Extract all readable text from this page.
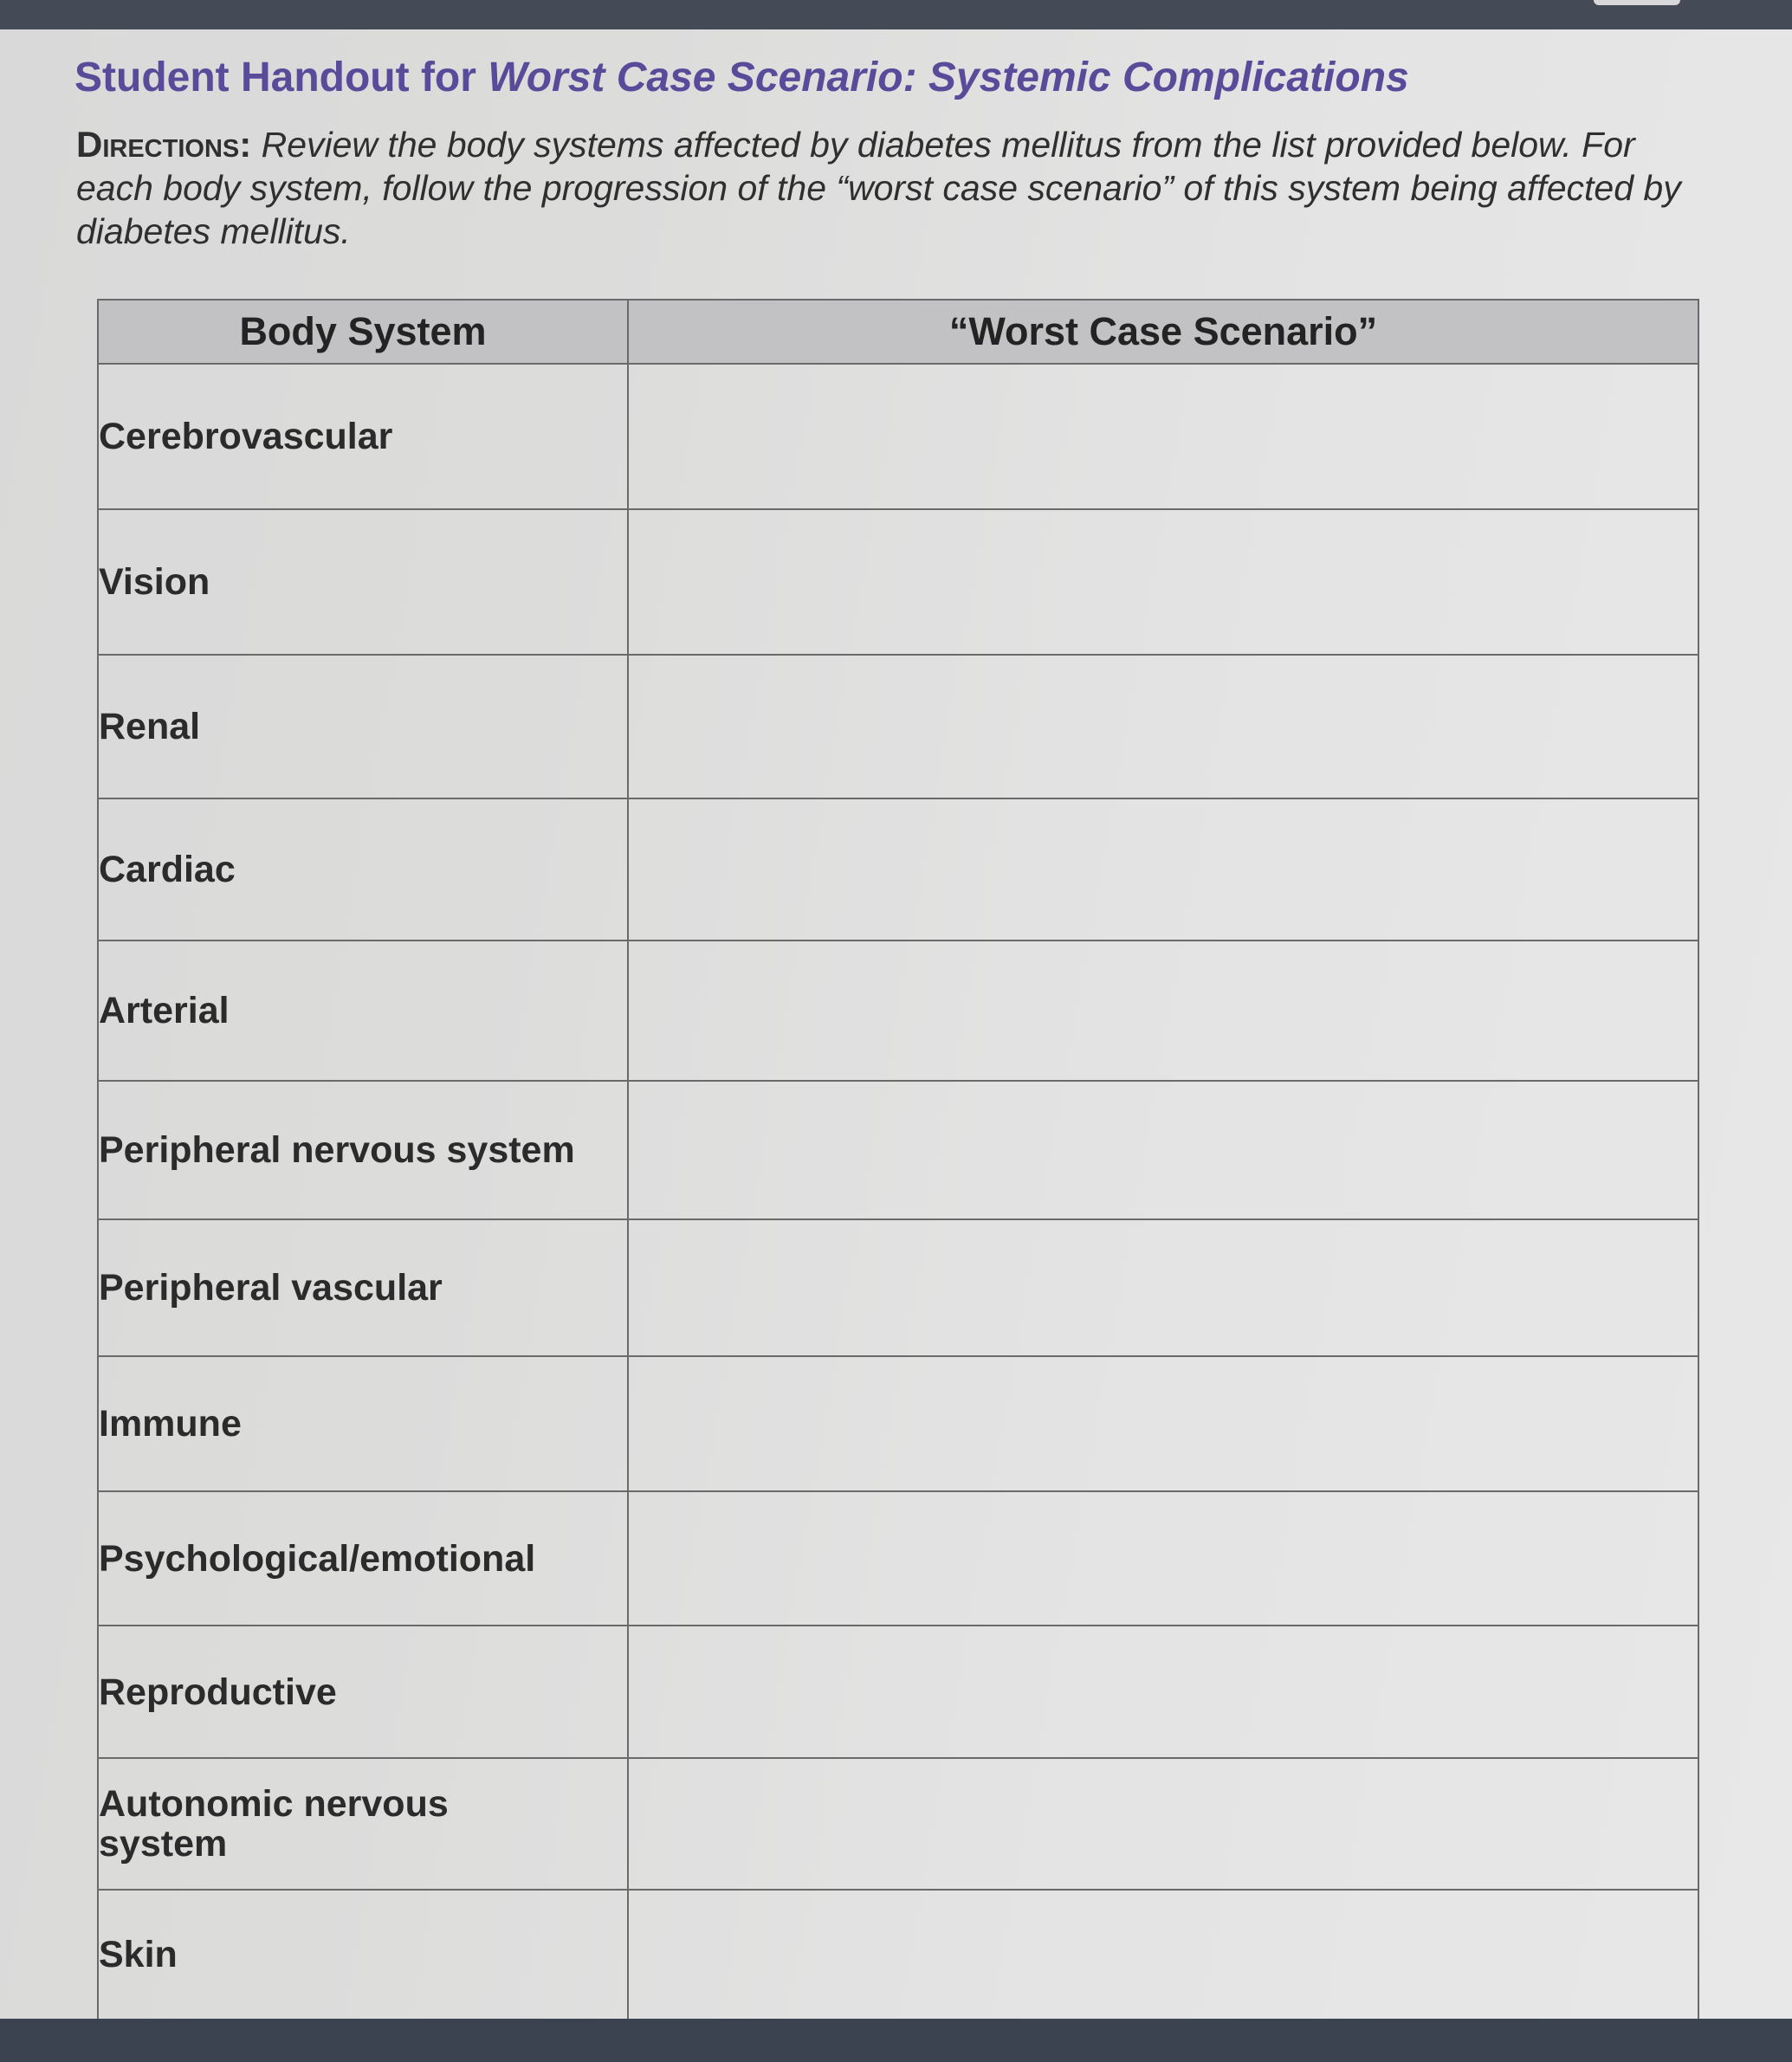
Student Handout for Worst Case Scenario: Systemic Complications

Directions: Review the body systems affected by diabetes mellitus from the list provided below. For each body system, follow the progression of the “worst case scenario” of this system being affected by diabetes mellitus.

Body System	“Worst Case Scenario”
Cerebrovascular	
Vision	
Renal	
Cardiac	
Arterial	
Peripheral nervous system	
Peripheral vascular	
Immune	
Psychological/emotional	
Reproductive	
Autonomic nervous system	
Skin	
